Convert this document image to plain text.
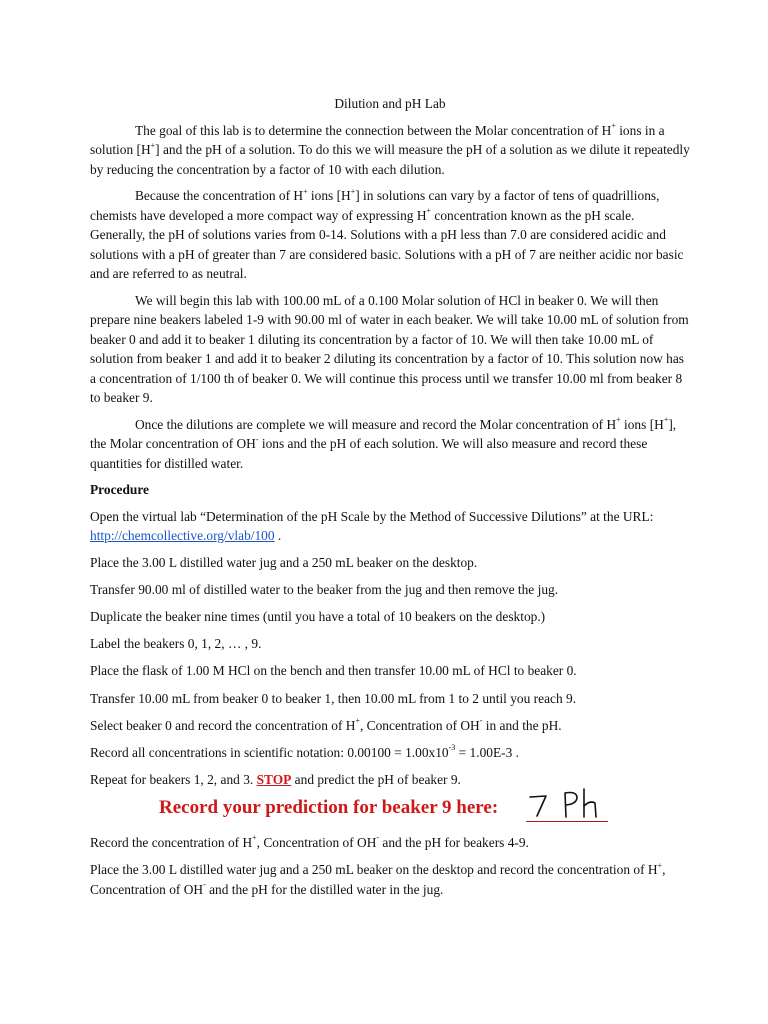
Dilution and pH Lab

The goal of this lab is to determine the connection between the Molar concentration of H+ ions in a solution [H+] and the pH of a solution. To do this we will measure the pH of a solution as we dilute it repeatedly by reducing the concentration by a factor of 10 with each dilution.

Because the concentration of H+ ions [H+] in solutions can vary by a factor of tens of quadrillions, chemists have developed a more compact way of expressing H+ concentration known as the pH scale. Generally, the pH of solutions varies from 0-14. Solutions with a pH less than 7.0 are considered acidic and solutions with a pH of greater than 7 are considered basic. Solutions with a pH of 7 are neither acidic nor basic and are referred to as neutral.

We will begin this lab with 100.00 mL of a 0.100 Molar solution of HCl in beaker 0. We will then prepare nine beakers labeled 1-9 with 90.00 ml of water in each beaker. We will take 10.00 mL of solution from beaker 0 and add it to beaker 1 diluting its concentration by a factor of 10. We will then take 10.00 mL of solution from beaker 1 and add it to beaker 2 diluting its concentration by a factor of 10. This solution now has a concentration of 1/100 th of beaker 0. We will continue this process until we transfer 10.00 ml from beaker 8 to beaker 9.

Once the dilutions are complete we will measure and record the Molar concentration of H+ ions [H+], the Molar concentration of OH- ions and the pH of each solution. We will also measure and record these quantities for distilled water.

Procedure
Open the virtual lab “Determination of the pH Scale by the Method of Successive Dilutions” at the URL: http://chemcollective.org/vlab/100 .
Place the 3.00 L distilled water jug and a 250 mL beaker on the desktop.
Transfer 90.00 ml of distilled water to the beaker from the jug and then remove the jug.
Duplicate the beaker nine times (until you have a total of 10 beakers on the desktop.)
Label the beakers 0, 1, 2, … , 9.
Place the flask of 1.00 M HCl on the bench and then transfer 10.00 mL of HCl to beaker 0.
Transfer 10.00 mL from beaker 0 to beaker 1, then 10.00 mL from 1 to 2 until you reach 9.
Select beaker 0 and record the concentration of H+, Concentration of OH- in and the pH.
Record all concentrations in scientific notation: $0.00100 = 1.00x10^{-3} = 1.00E-3$ .
Repeat for beakers 1, 2, and 3. STOP and predict the pH of beaker 9.
Record your prediction for beaker 9 here:
Record the concentration of H+, Concentration of OH- and the pH for beakers 4-9.
Place the 3.00 L distilled water jug and a 250 mL beaker on the desktop and record the concentration of H+, Concentration of OH- and the pH for the distilled water in the jug.
